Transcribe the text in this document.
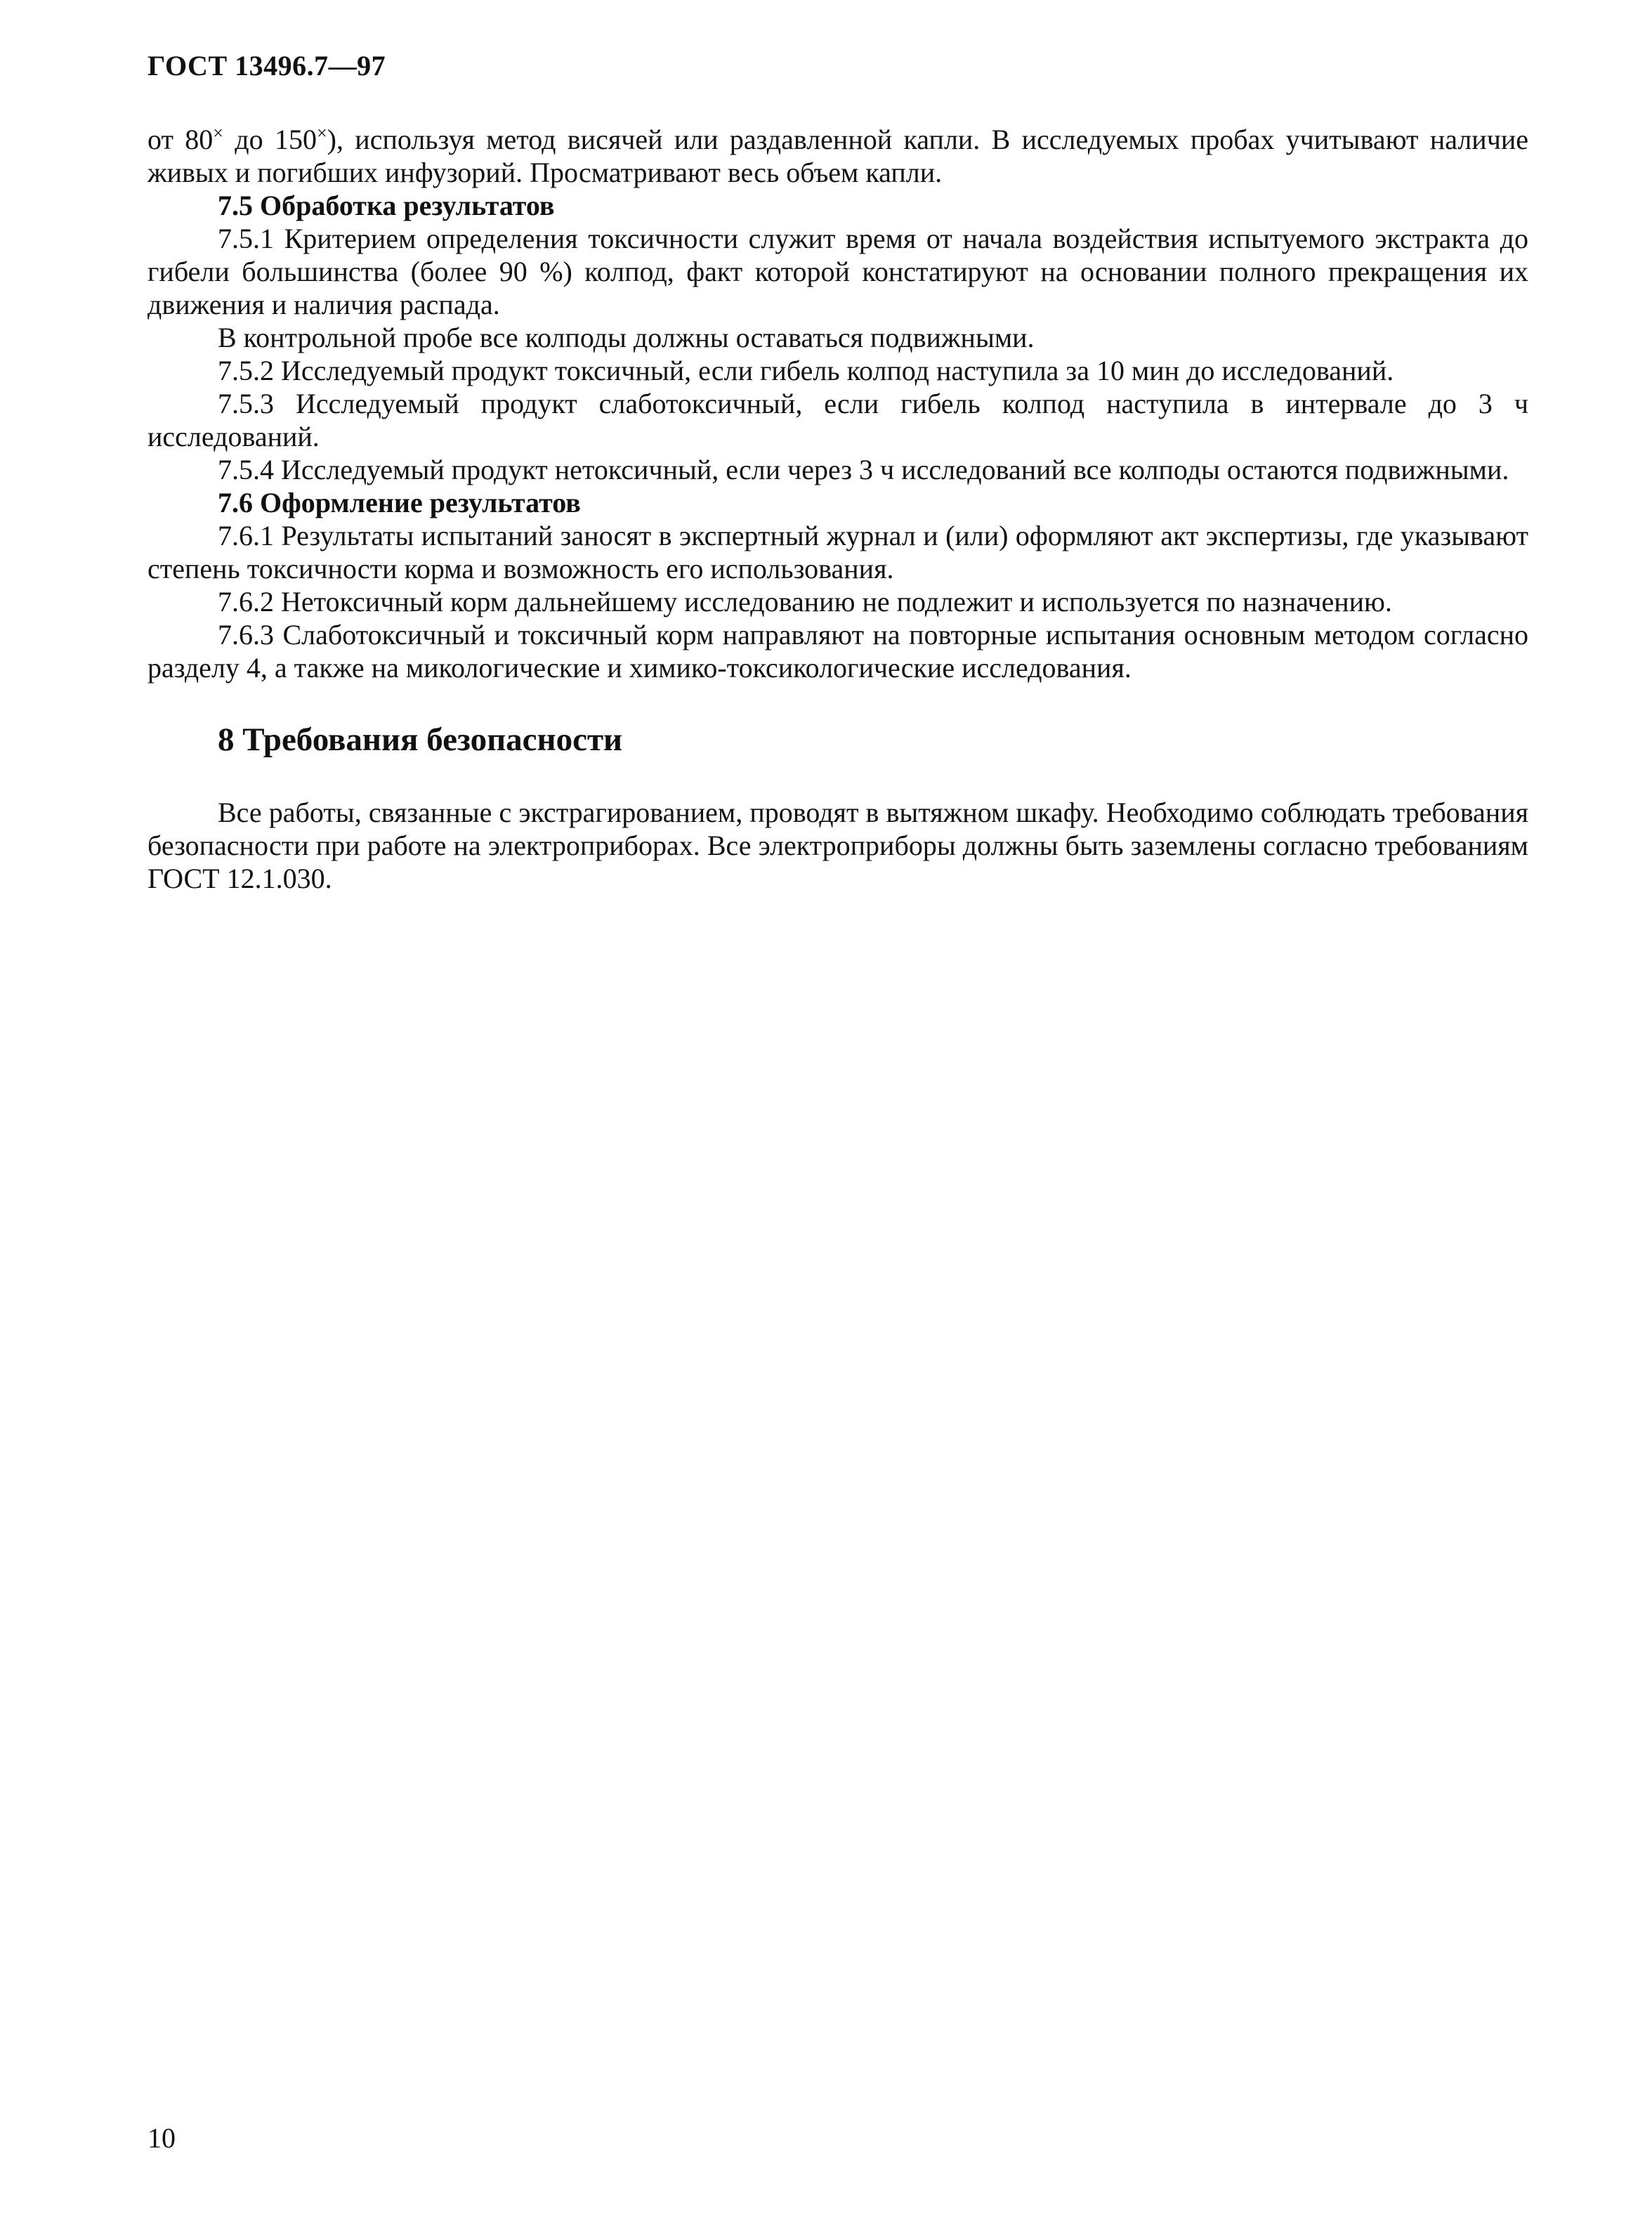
ГОСТ 13496.7—97

от 80× до 150×), используя метод висячей или раздавленной капли. В исследуемых пробах учитывают наличие живых и погибших инфузорий. Просматривают весь объем капли.

7.5 Обработка результатов

7.5.1 Критерием определения токсичности служит время от начала воздействия испытуемого экстракта до гибели большинства (более 90 %) колпод, факт которой констатируют на основании полного прекращения их движения и наличия распада.

В контрольной пробе все колподы должны оставаться подвижными.

7.5.2 Исследуемый продукт токсичный, если гибель колпод наступила за 10 мин до исследований.

7.5.3 Исследуемый продукт слаботоксичный, если гибель колпод наступила в интервале до 3 ч исследований.

7.5.4 Исследуемый продукт нетоксичный, если через 3 ч исследований все колподы остаются подвижными.

7.6 Оформление результатов

7.6.1 Результаты испытаний заносят в экспертный журнал и (или) оформляют акт экспертизы, где указывают степень токсичности корма и возможность его использования.

7.6.2 Нетоксичный корм дальнейшему исследованию не подлежит и используется по назначению.

7.6.3 Слаботоксичный и токсичный корм направляют на повторные испытания основным методом согласно разделу 4, а также на микологические и химико-токсикологические исследования.

8 Требования безопасности

Все работы, связанные с экстрагированием, проводят в вытяжном шкафу. Необходимо соблюдать требования безопасности при работе на электроприборах. Все электроприборы должны быть заземлены согласно требованиям ГОСТ 12.1.030.

10
